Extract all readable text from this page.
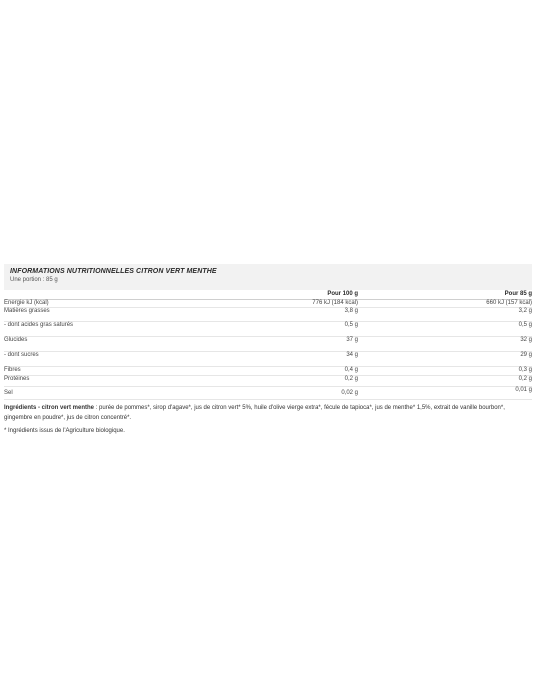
INFORMATIONS NUTRITIONNELLES CITRON VERT MENTHE
Une portion : 85 g
	Pour 100 g	Pour 85 g
Energie kJ (kcal)	776 kJ (184 kcal)	660 kJ (157 kcal)
Matières grasses	3,8 g	3,2 g
- dont acides gras saturés	0,5 g	0,5 g
Glucides	37 g	32 g
- dont sucres	34 g	29 g
Fibres	0,4 g	0,3 g
Protéines	0,2 g	0,2 g
Sel	0,02 g	0,01 g
Ingrédients - citron vert menthe : purée de pommes*, sirop d'agave*, jus de citron vert* 5%, huile d'olive vierge extra*, fécule de tapioca*, jus de menthe* 1,5%, extrait de vanille bourbon*, gingembre en poudre*, jus de citron concentré*.
* Ingrédients issus de l'Agriculture biologique.
